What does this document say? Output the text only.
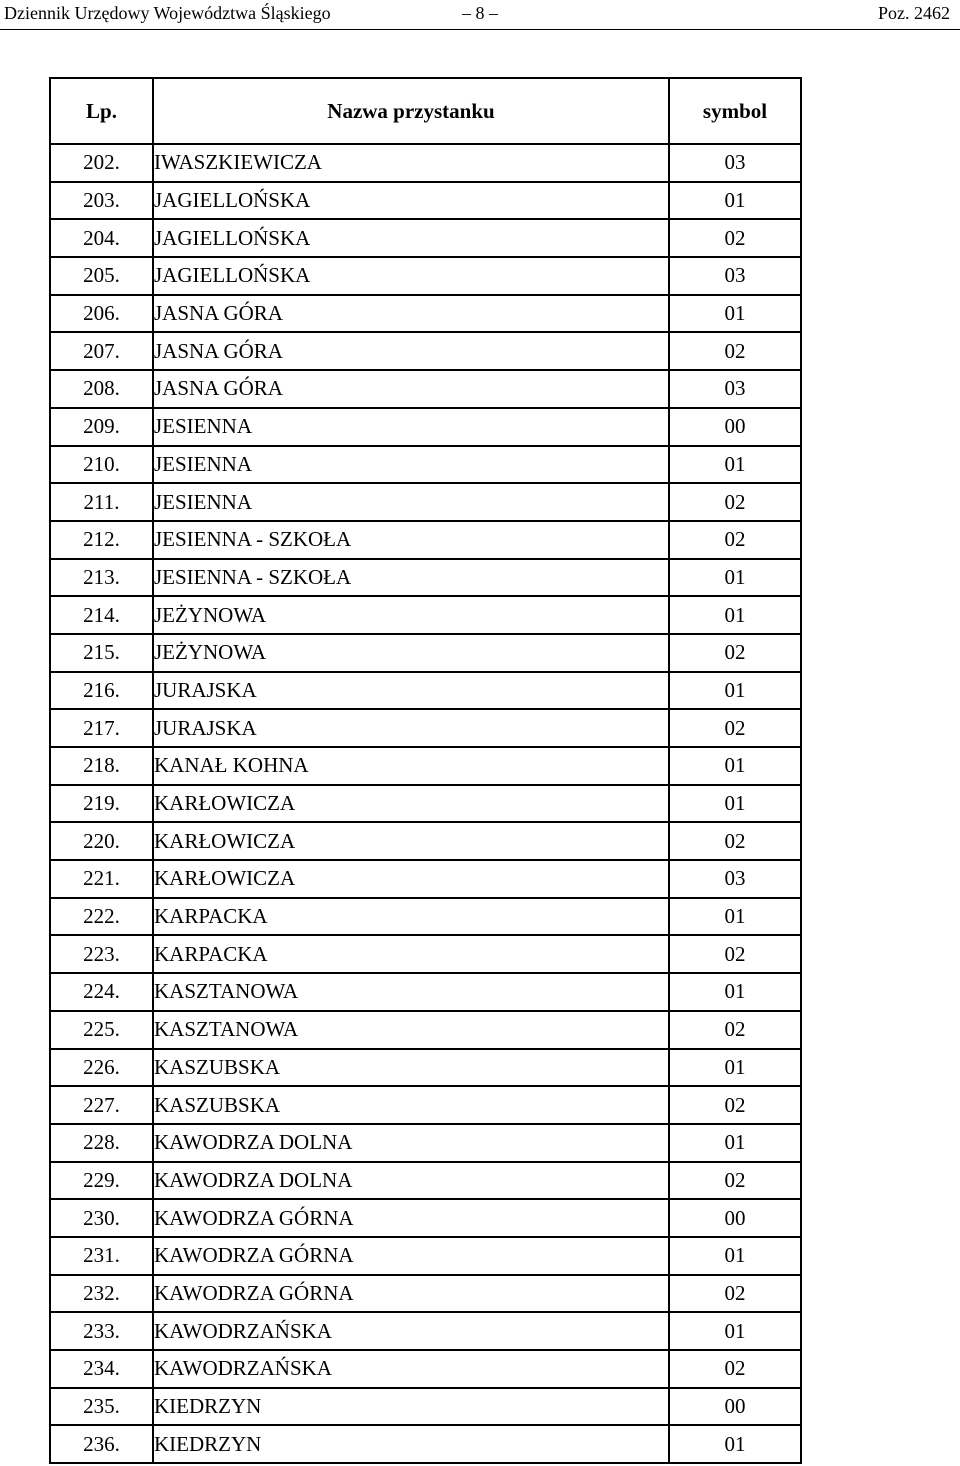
Dziennik Urzędowy Województwa Śląskiego	– 8 –	Poz. 2462
Lp.	Nazwa przystanku	symbol
202.	IWASZKIEWICZA	03
203.	JAGIELLOŃSKA	01
204.	JAGIELLOŃSKA	02
205.	JAGIELLOŃSKA	03
206.	JASNA GÓRA	01
207.	JASNA GÓRA	02
208.	JASNA GÓRA	03
209.	JESIENNA	00
210.	JESIENNA	01
211.	JESIENNA	02
212.	JESIENNA - SZKOŁA	02
213.	JESIENNA - SZKOŁA	01
214.	JEŻYNOWA	01
215.	JEŻYNOWA	02
216.	JURAJSKA	01
217.	JURAJSKA	02
218.	KANAŁ KOHNA	01
219.	KARŁOWICZA	01
220.	KARŁOWICZA	02
221.	KARŁOWICZA	03
222.	KARPACKA	01
223.	KARPACKA	02
224.	KASZTANOWA	01
225.	KASZTANOWA	02
226.	KASZUBSKA	01
227.	KASZUBSKA	02
228.	KAWODRZA DOLNA	01
229.	KAWODRZA DOLNA	02
230.	KAWODRZA GÓRNA	00
231.	KAWODRZA GÓRNA	01
232.	KAWODRZA GÓRNA	02
233.	KAWODRZAŃSKA	01
234.	KAWODRZAŃSKA	02
235.	KIEDRZYN	00
236.	KIEDRZYN	01
